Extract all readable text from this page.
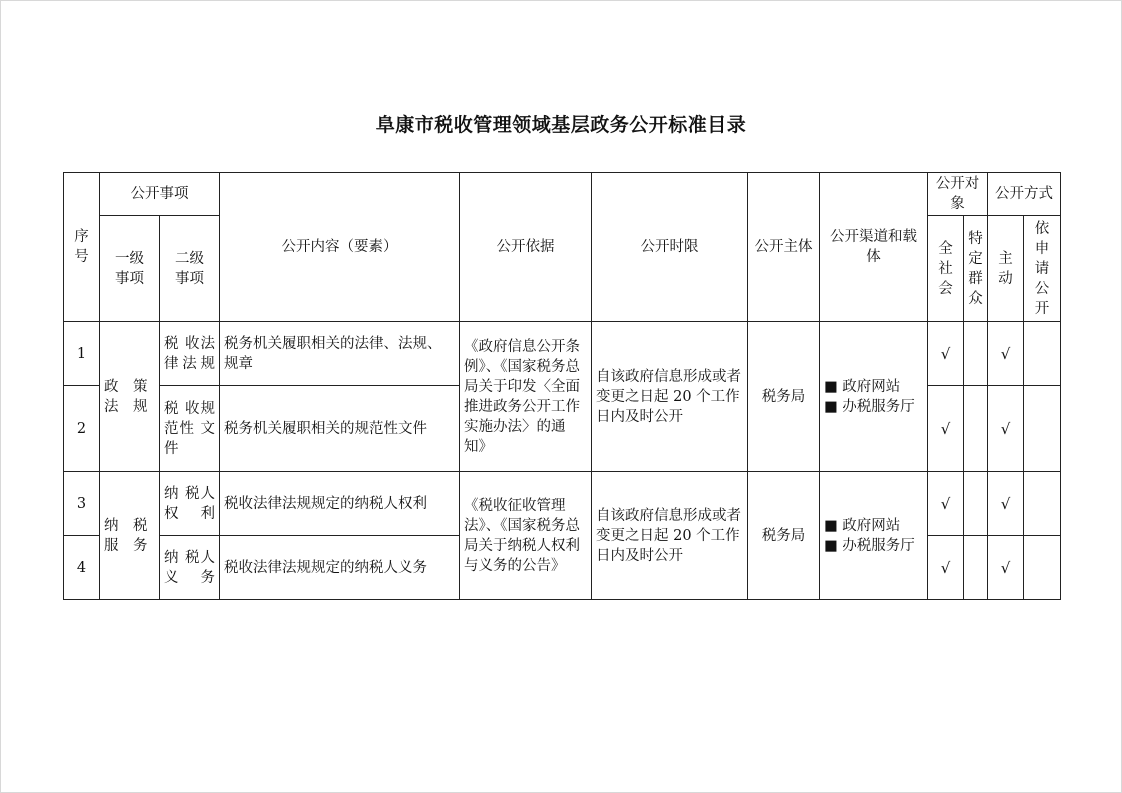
阜康市税收管理领域基层政务公开标准目录
序号	公开事项		公开内容（要素）	公开依据	公开时限	公开主体	公开渠道和载体	公开对象		公开方式	
	一级事项	二级事项						全社会	特定群众	主动	依申请公开

1	政 策法规	税 收法 律法规	税务机关履职相关的法律、法规、规章	《政府信息公开条例》、《国家税务总局关于印发〈全面推进政务公开工作实施办法〉的通知》	自该政府信息形成或者变更之日起 20 个工作日内及时公开	税务局	■ 政府网站
■ 办税服务厅	√		√	
2		税 收规 范性 文件	税务机关履职相关的规范性文件					√		√	
3	纳 税服务	纳 税人 权利	税收法律法规规定的纳税人权利	《税收征收管理法》、《国家税务总局关于纳税人权利与义务的公告》	自该政府信息形成或者变更之日起 20 个工作日内及时公开	税务局	■ 政府网站
■ 办税服务厅	√		√	
4		纳 税人 义务	税收法律法规规定的纳税人义务					√		√	
